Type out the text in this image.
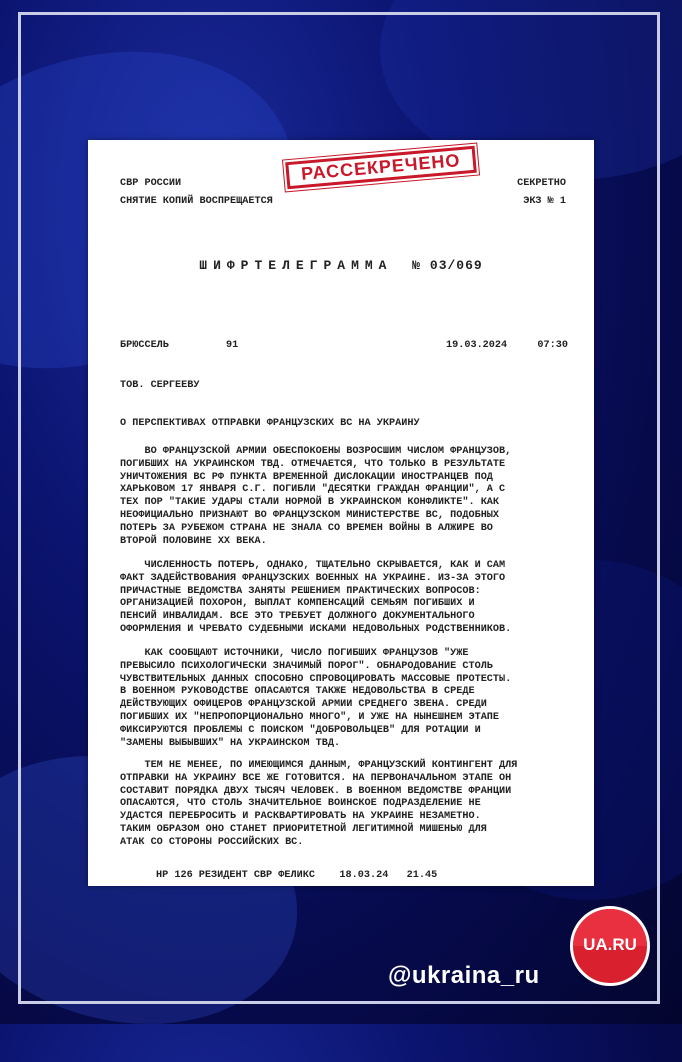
СВР РОССИИ
СНЯТИЕ КОПИЙ ВОСПРЕЩАЕТСЯ
РАССЕКРЕЧЕНО	СЕКРЕТНО
ЭКЗ № 1
ШИФРТЕЛЕГРАММА № 03/069
БРЮССЕЛЬ	91	19.03.2024	07:30
ТОВ. СЕРГЕЕВУ
О ПЕРСПЕКТИВАХ ОТПРАВКИ ФРАНЦУЗСКИХ ВС НА УКРАИНУ
ВО ФРАНЦУЗСКОЙ АРМИИ ОБЕСПОКОЕНЫ ВОЗРОСШИМ ЧИСЛОМ ФРАНЦУЗОВ,
ПОГИБШИХ НА УКРАИНСКОМ ТВД. ОТМЕЧАЕТСЯ, ЧТО ТОЛЬКО В РЕЗУЛЬТАТЕ
УНИЧТОЖЕНИЯ ВС РФ ПУНКТА ВРЕМЕННОЙ ДИСЛОКАЦИИ ИНОСТРАНЦЕВ ПОД
ХАРЬКОВОМ 17 ЯНВАРЯ С.Г. ПОГИБЛИ "ДЕСЯТКИ ГРАЖДАН ФРАНЦИИ", А С
ТЕХ ПОР "ТАКИЕ УДАРЫ СТАЛИ НОРМОЙ В УКРАИНСКОМ КОНФЛИКТЕ". КАК
НЕОФИЦИАЛЬНО ПРИЗНАЮТ ВО ФРАНЦУЗСКОМ МИНИСТЕРСТВЕ ВС, ПОДОБНЫХ
ПОТЕРЬ ЗА РУБЕЖОМ СТРАНА НЕ ЗНАЛА СО ВРЕМЕН ВОЙНЫ В АЛЖИРЕ ВО
ВТОРОЙ ПОЛОВИНЕ XX ВЕКА.
ЧИСЛЕННОСТЬ ПОТЕРЬ, ОДНАКО, ТЩАТЕЛЬНО СКРЫВАЕТСЯ, КАК И САМ
ФАКТ ЗАДЕЙСТВОВАНИЯ ФРАНЦУЗСКИХ ВОЕННЫХ НА УКРАИНЕ. ИЗ-ЗА ЭТОГО
ПРИЧАСТНЫЕ ВЕДОМСТВА ЗАНЯТЫ РЕШЕНИЕМ ПРАКТИЧЕСКИХ ВОПРОСОВ:
ОРГАНИЗАЦИЕЙ ПОХОРОН, ВЫПЛАТ КОМПЕНСАЦИЙ СЕМЬЯМ ПОГИБШИХ И
ПЕНСИЙ ИНВАЛИДАМ. ВСЕ ЭТО ТРЕБУЕТ ДОЛЖНОГО ДОКУМЕНТАЛЬНОГО
ОФОРМЛЕНИЯ И ЧРЕВАТО СУДЕБНЫМИ ИСКАМИ НЕДОВОЛЬНЫХ РОДСТВЕННИКОВ.
КАК СООБЩАЮТ ИСТОЧНИКИ, ЧИСЛО ПОГИБШИХ ФРАНЦУЗОВ "УЖЕ
ПРЕВЫСИЛО ПСИХОЛОГИЧЕСКИ ЗНАЧИМЫЙ ПОРОГ". ОБНАРОДОВАНИЕ СТОЛЬ
ЧУВСТВИТЕЛЬНЫХ ДАННЫХ СПОСОБНО СПРОВОЦИРОВАТЬ МАССОВЫЕ ПРОТЕСТЫ.
В ВОЕННОМ РУКОВОДСТВЕ ОПАСАЮТСЯ ТАКЖЕ НЕДОВОЛЬСТВА В СРЕДЕ
ДЕЙСТВУЮЩИХ ОФИЦЕРОВ ФРАНЦУЗСКОЙ АРМИИ СРЕДНЕГО ЗВЕНА. СРЕДИ
ПОГИБШИХ ИХ "НЕПРОПОРЦИОНАЛЬНО МНОГО", И УЖЕ НА НЫНЕШНЕМ ЭТАПЕ
ФИКСИРУЮТСЯ ПРОБЛЕМЫ С ПОИСКОМ "ДОБРОВОЛЬЦЕВ" ДЛЯ РОТАЦИИ И
"ЗАМЕНЫ ВЫБЫВШИХ" НА УКРАИНСКОМ ТВД.
ТЕМ НЕ МЕНЕЕ, ПО ИМЕЮЩИМСЯ ДАННЫМ, ФРАНЦУЗСКИЙ КОНТИНГЕНТ ДЛЯ
ОТПРАВКИ НА УКРАИНУ ВСЕ ЖЕ ГОТОВИТСЯ. НА ПЕРВОНАЧАЛЬНОМ ЭТАПЕ ОН
СОСТАВИТ ПОРЯДКА ДВУХ ТЫСЯЧ ЧЕЛОВЕК. В ВОЕННОМ ВЕДОМСТВЕ ФРАНЦИИ
ОПАСАЮТСЯ, ЧТО СТОЛЬ ЗНАЧИТЕЛЬНОЕ ВОИНСКОЕ ПОДРАЗДЕЛЕНИЕ НЕ
УДАСТСЯ ПЕРЕБРОСИТЬ И РАСКВАРТИРОВАТЬ НА УКРАИНЕ НЕЗАМЕТНО.
ТАКИМ ОБРАЗОМ ОНО СТАНЕТ ПРИОРИТЕТНОЙ ЛЕГИТИМНОЙ МИШЕНЬЮ ДЛЯ
АТАК СО СТОРОНЫ РОССИЙСКИХ ВС.
НР 126 РЕЗИДЕНТ СВР ФЕЛИКС    18.03.24   21.45
@ukraina_ru
UA.RU
